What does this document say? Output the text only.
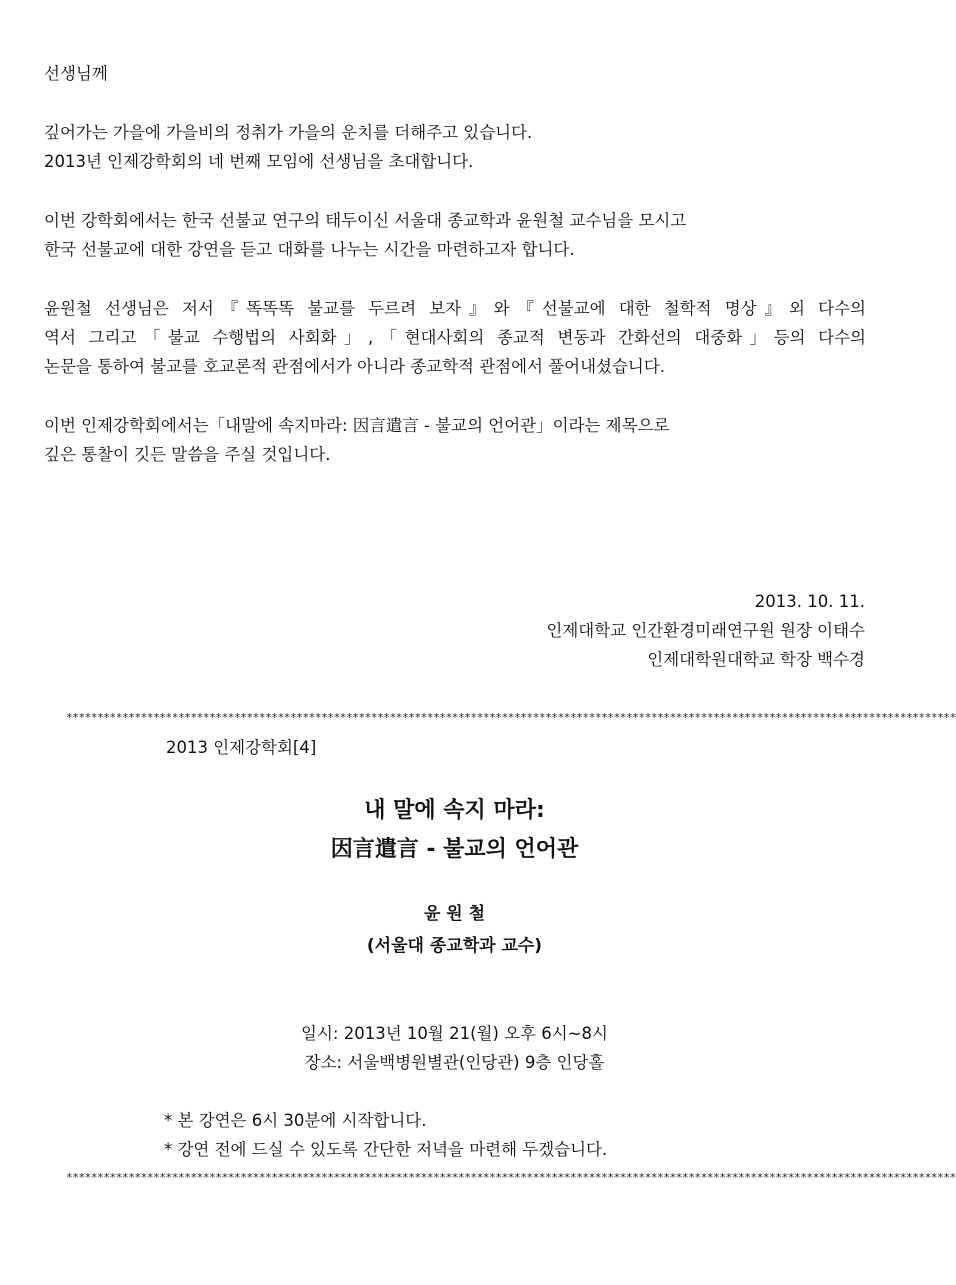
선생님께
깊어가는 가을에 가을비의 정취가 가을의 운치를 더해주고 있습니다.
2013년 인제강학회의 네 번째 모임에 선생님을 초대합니다.
이번 강학회에서는 한국 선불교 연구의 태두이신 서울대 종교학과 윤원철 교수님을 모시고
한국 선불교에 대한 강연을 듣고 대화를 나누는 시간을 마련하고자 합니다.
윤원철 선생님은 저서『똑똑똑 불교를 두르려 보자』와『선불교에 대한 철학적 명상』외 다수의
역서 그리고「불교 수행법의 사회화」,「현대사회의 종교적 변동과 간화선의 대중화」등의 다수의
논문을 통하여 불교를 호교론적 관점에서가 아니라 종교학적 관점에서 풀어내셨습니다.
이번 인제강학회에서는「내말에 속지마라: 因言遣言 - 불교의 언어관」이라는 제목으로
깊은 통찰이 깃든 말씀을 주실 것입니다.
2013. 10. 11.
인제대학교 인간환경미래연구원 원장 이태수
인제대학원대학교 학장 백수경
***********************************************************************************************************************************************
2013 인제강학회[4]
내 말에 속지 마라:
因言遣言 - 불교의 언어관
윤 원 철
(서울대 종교학과 교수)
일시: 2013년 10월 21(월) 오후 6시~8시
장소: 서울백병원별관(인당관) 9층 인당홀
* 본 강연은 6시 30분에 시작합니다.
* 강연 전에 드실 수 있도록 간단한 저녁을 마련해 두겠습니다.
***********************************************************************************************************************************************
